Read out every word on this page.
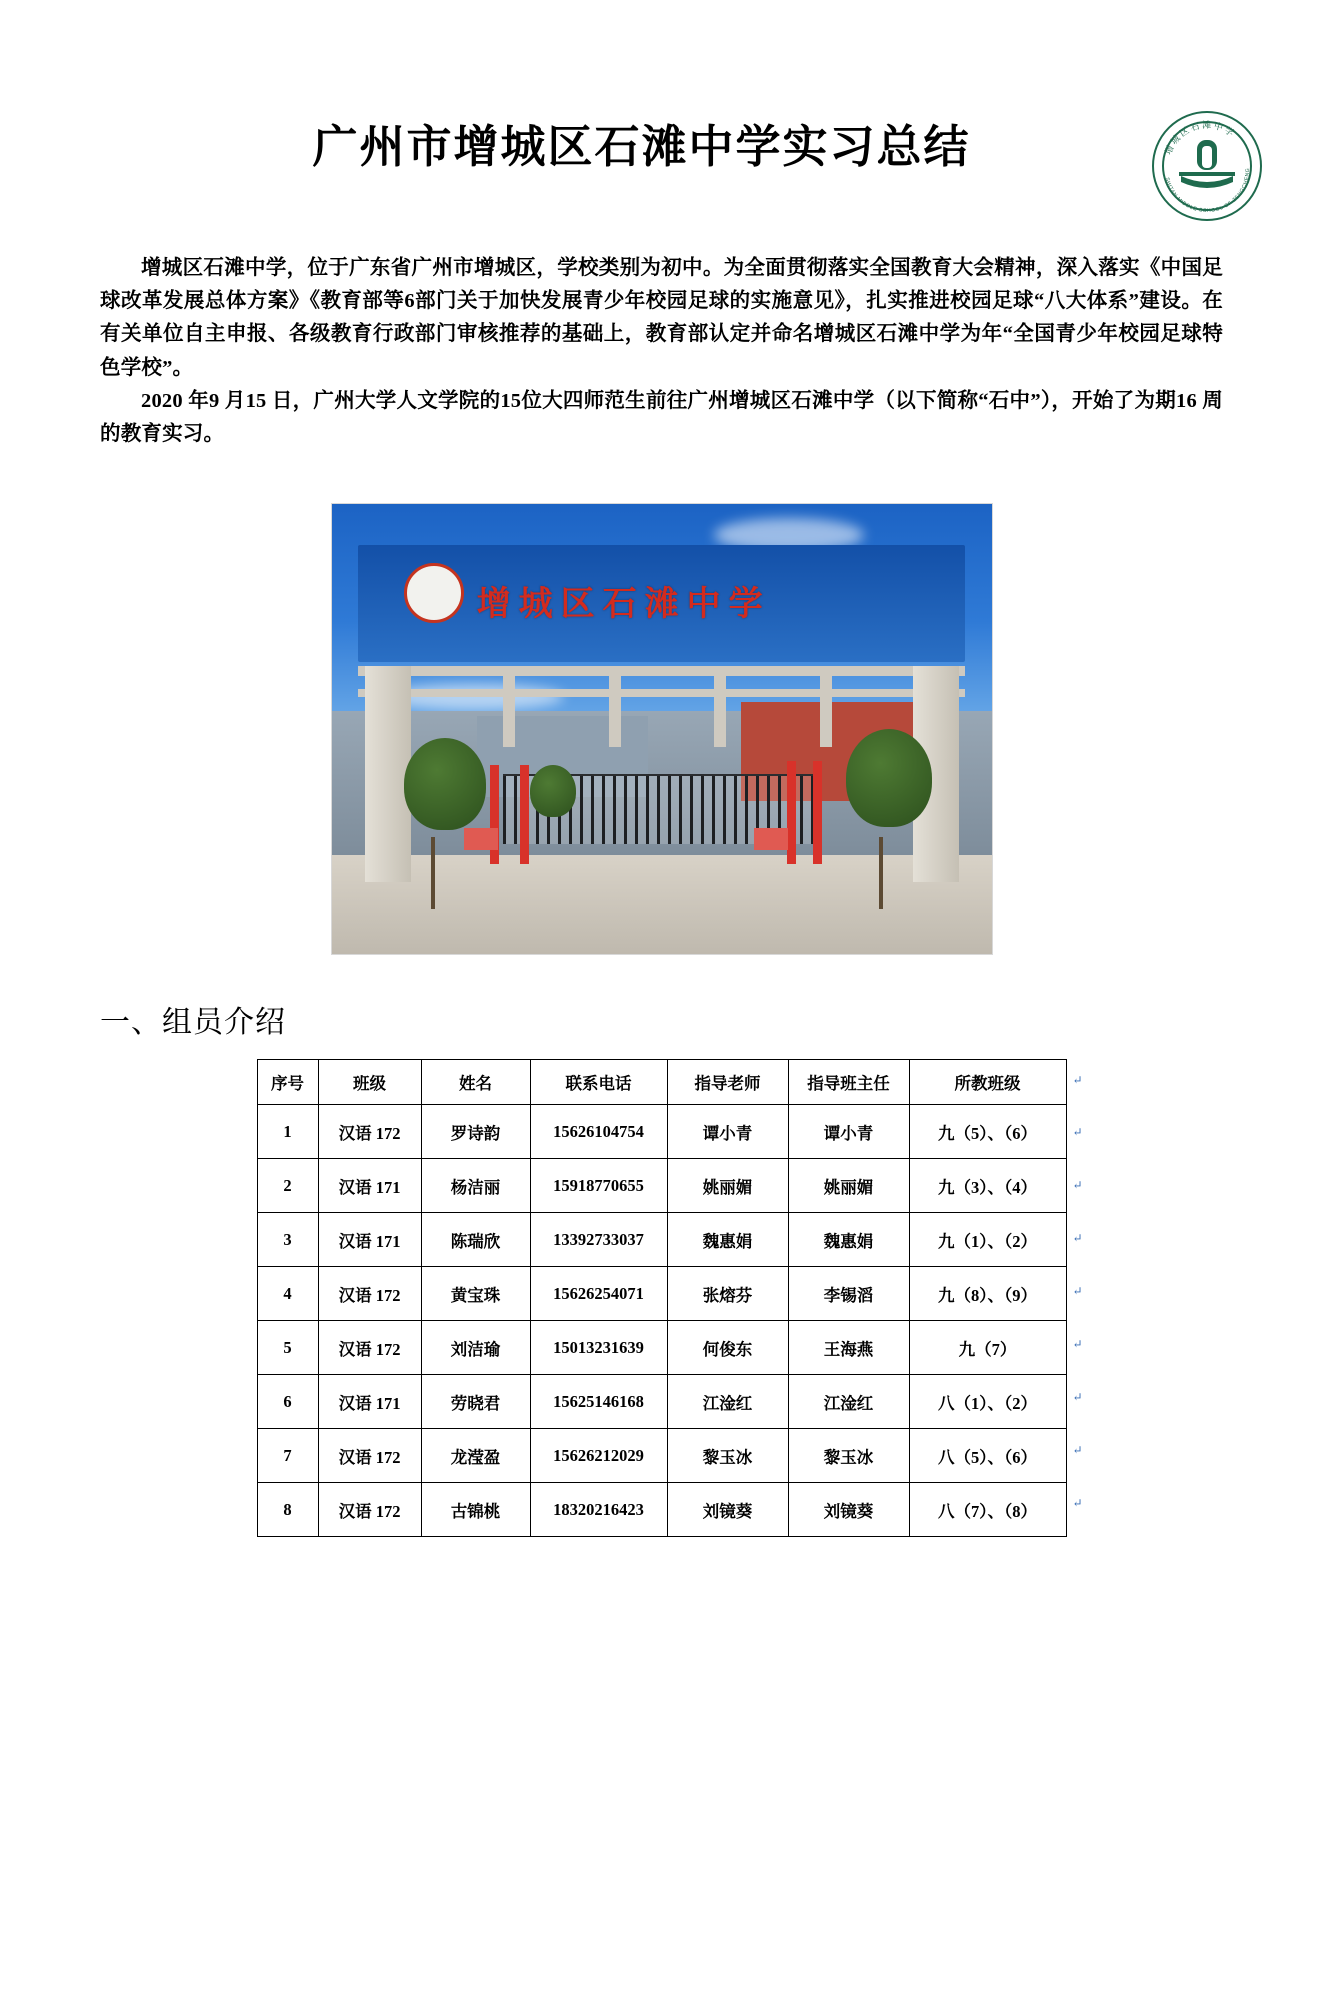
广州市增城区石滩中学实习总结	增城区石滩中学
SHITAN MIDDLE SCHOOL OF ZENGCHENG

增城区石滩中学，位于广东省广州市增城区，学校类别为初中。为全面贯彻落实全国教育大会精神，深入落实《中国足球改革发展总体方案》《教育部等6部门关于加快发展青少年校园足球的实施意见》，扎实推进校园足球“八大体系”建设。在有关单位自主申报、各级教育行政部门审核推荐的基础上，教育部认定并命名增城区石滩中学为年“全国青少年校园足球特色学校”。

2020 年9 月15 日，广州大学人文学院的15位大四师范生前往广州增城区石滩中学（以下简称“石中”），开始了为期16 周的教育实习。

增城区石滩中学
一、组员介绍
序号	班级	姓名	联系电话	指导老师	指导班主任	所教班级
1	汉语 172	罗诗韵	15626104754	谭小青	谭小青	九（5）、（6）
2	汉语 171	杨洁丽	15918770655	姚丽媚	姚丽媚	九（3）、（4）
3	汉语 171	陈瑞欣	13392733037	魏惠娟	魏惠娟	九（1）、（2）
4	汉语 172	黄宝珠	15626254071	张熔芬	李锡滔	九（8）、（9）
5	汉语 172	刘洁瑜	15013231639	何俊东	王海燕	九（7）
6	汉语 171	劳晓君	15625146168	江淦红	江淦红	八（1）、（2）
7	汉语 172	龙滢盈	15626212029	黎玉冰	黎玉冰	八（5）、（6）
8	汉语 172	古锦桃	18320216423	刘镜葵	刘镜葵	八（7）、（8）
↵
↵
↵
↵
↵
↵
↵
↵
↵
